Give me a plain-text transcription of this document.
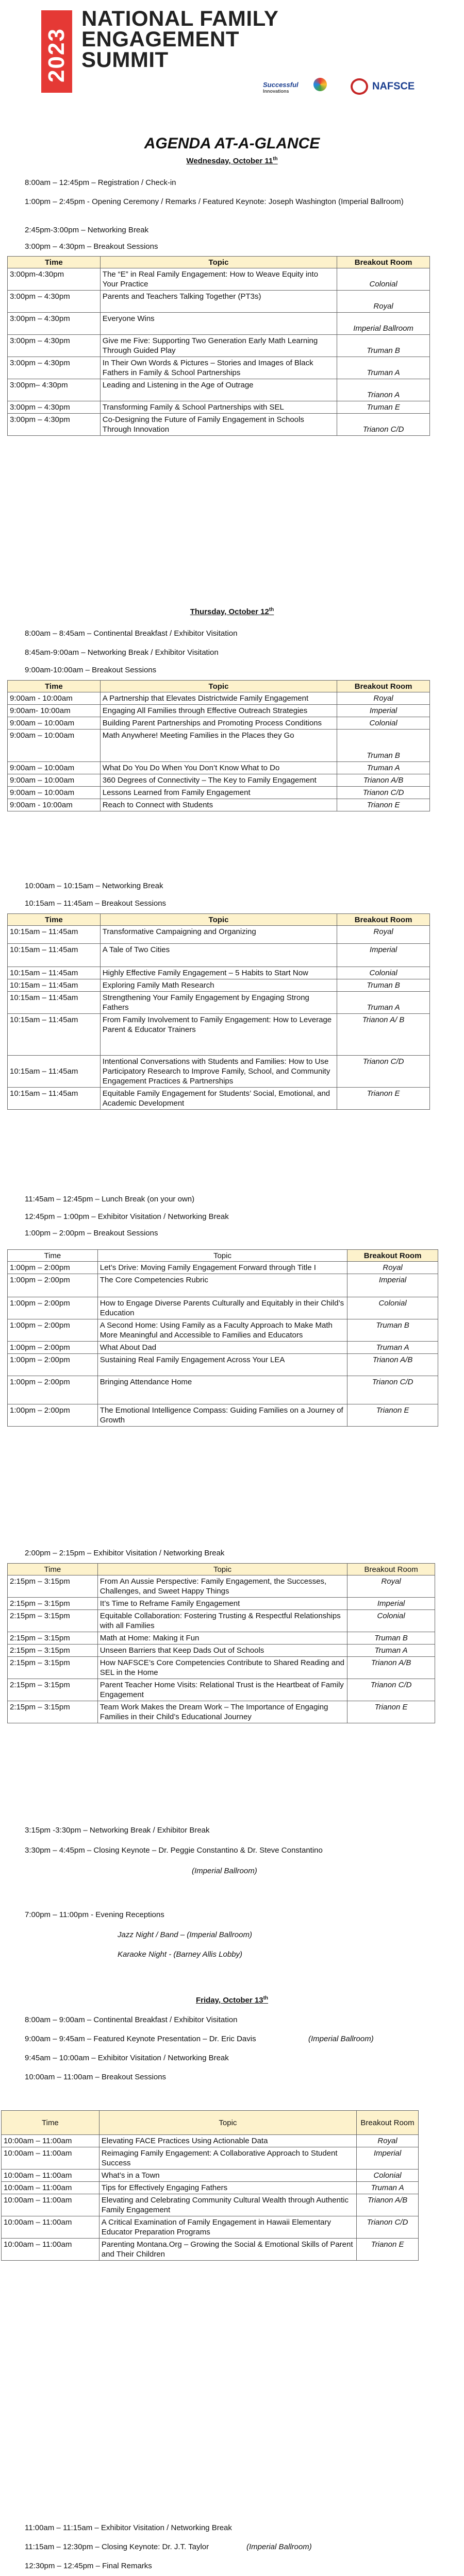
2023
NATIONAL FAMILY
ENGAGEMENT
SUMMIT
Successful
Innovations	NAFSCE
AGENDA AT-A-GLANCE
Wednesday, October 11th
8:00am – 12:45pm – Registration / Check-in
1:00pm – 2:45pm - Opening Ceremony / Remarks / Featured Keynote: Joseph Washington (Imperial Ballroom)
2:45pm-3:00pm – Networking Break
3:00pm – 4:30pm – Breakout Sessions
Time	Topic	Breakout Room
3:00pm-4:30pm	The “E” in Real Family Engagement: How to Weave Equity into Your Practice	Colonial
3:00pm – 4:30pm	Parents and Teachers Talking Together (PT3s)	Royal
3:00pm – 4:30pm	Everyone Wins	Imperial Ballroom
3:00pm – 4:30pm	Give me Five: Supporting Two Generation Early Math Learning Through Guided Play	Truman B
3:00pm – 4:30pm	In Their Own Words & Pictures – Stories and Images of Black Fathers in Family & School Partnerships	Truman A
3:00pm– 4:30pm	Leading and Listening in the Age of Outrage	Trianon A
3:00pm – 4:30pm	Transforming Family & School Partnerships with SEL	Truman E
3:00pm – 4:30pm	Co-Designing the Future of Family Engagement in Schools Through Innovation	Trianon C/D
Thursday, October 12th
8:00am – 8:45am – Continental Breakfast / Exhibitor Visitation
8:45am-9:00am – Networking Break / Exhibitor Visitation
9:00am-10:00am – Breakout Sessions
Time	Topic	Breakout Room
9:00am - 10:00am	A Partnership that Elevates Districtwide Family Engagement	Royal
9:00am- 10:00am	Engaging All Families through Effective Outreach Strategies	Imperial
9:00am – 10:00am	Building Parent Partnerships and Promoting Process Conditions	Colonial
9:00am – 10:00am	Math Anywhere! Meeting Families in the Places they Go	Truman B
9:00am – 10:00am	What Do You Do When You Don’t Know What to Do	Truman A
9:00am – 10:00am	360 Degrees of Connectivity – The Key to Family Engagement	Trianon A/B
9:00am – 10:00am	Lessons Learned from Family Engagement	Trianon C/D
9:00am - 10:00am	Reach to Connect with Students	Trianon E
10:00am – 10:15am – Networking Break
10:15am – 11:45am – Breakout Sessions
Time	Topic	Breakout Room
10:15am – 11:45am	Transformative Campaigning and Organizing	Royal
10:15am – 11:45am	A Tale of Two Cities	Imperial
10:15am – 11:45am	Highly Effective Family Engagement – 5 Habits to Start Now	Colonial
10:15am – 11:45am	Exploring Family Math Research	Truman B
10:15am – 11:45am	Strengthening Your Family Engagement by Engaging Strong Fathers	Truman A
10:15am – 11:45am	From Family Involvement to Family Engagement: How to Leverage Parent & Educator Trainers	Trianon A/ B
10:15am – 11:45am	Intentional Conversations with Students and Families: How to Use Participatory Research to Improve Family, School, and Community Engagement Practices & Partnerships	Trianon C/D
10:15am – 11:45am	Equitable Family Engagement for Students’ Social, Emotional, and Academic Development	Trianon E
11:45am – 12:45pm – Lunch Break (on your own)
12:45pm – 1:00pm – Exhibitor Visitation / Networking Break
1:00pm – 2:00pm – Breakout Sessions
Time	Topic	Breakout Room
1:00pm – 2:00pm	Let’s Drive: Moving Family Engagement Forward through Title I	Royal
1:00pm – 2:00pm	The Core Competencies Rubric	Imperial
1:00pm – 2:00pm	How to Engage Diverse Parents Culturally and Equitably in their Child’s Education	Colonial
1:00pm – 2:00pm	A Second Home: Using Family as a Faculty Approach to Make Math More Meaningful and Accessible to Families and Educators	Truman B
1:00pm – 2:00pm	What About Dad	Truman A
1:00pm – 2:00pm	Sustaining Real Family Engagement Across Your LEA	Trianon A/B
1:00pm – 2:00pm	Bringing Attendance Home	Trianon C/D
1:00pm – 2:00pm	The Emotional Intelligence Compass: Guiding Families on a Journey of Growth	Trianon E
2:00pm – 2:15pm – Exhibitor Visitation / Networking Break
Time	Topic	Breakout Room
2:15pm – 3:15pm	From An Aussie Perspective: Family Engagement, the Successes, Challenges, and Sweet Happy Things	Royal
2:15pm – 3:15pm	It’s Time to Reframe Family Engagement	Imperial
2:15pm – 3:15pm	Equitable Collaboration: Fostering Trusting & Respectful Relationships with all Families	Colonial
2:15pm – 3:15pm	Math at Home: Making it Fun	Truman B
2:15pm – 3:15pm	Unseen Barriers that Keep Dads Out of Schools	Truman A
2:15pm – 3:15pm	How NAFSCE’s Core Competencies Contribute to Shared Reading and SEL in the Home	Trianon A/B
2:15pm – 3:15pm	Parent Teacher Home Visits: Relational Trust is the Heartbeat of Family Engagement	Trianon C/D
2:15pm – 3:15pm	Team Work Makes the Dream Work – The Importance of Engaging Families in their Child’s Educational Journey	Trianon E
3:15pm -3:30pm – Networking Break / Exhibitor Break
3:30pm – 4:45pm – Closing Keynote – Dr. Peggie Constantino & Dr. Steve Constantino
(Imperial Ballroom)
7:00pm – 11:00pm - Evening Receptions
Jazz Night / Band – (Imperial Ballroom)
Karaoke Night - (Barney Allis Lobby)
Friday, October 13th
8:00am – 9:00am – Continental Breakfast / Exhibitor Visitation
9:00am – 9:45am – Featured Keynote Presentation – Dr. Eric Davis	(Imperial Ballroom)
9:45am – 10:00am – Exhibitor Visitation / Networking Break
10:00am – 11:00am – Breakout Sessions
Time	Topic	Breakout Room
10:00am – 11:00am	Elevating FACE Practices Using Actionable Data	Royal
10:00am – 11:00am	Reimaging Family Engagement: A Collaborative Approach to Student Success	Imperial
10:00am – 11:00am	What’s in a Town	Colonial
10:00am – 11:00am	Tips for Effectively Engaging Fathers	Truman A
10:00am – 11:00am	Elevating and Celebrating Community Cultural Wealth through Authentic Family Engagement	Trianon A/B
10:00am – 11:00am	A Critical Examination of Family Engagement in Hawaii Elementary Educator Preparation Programs	Trianon C/D
10:00am – 11:00am	Parenting Montana.Org – Growing the Social & Emotional Skills of Parent and Their Children	Trianon E
11:00am – 11:15am – Exhibitor Visitation / Networking Break
11:15am – 12:30pm – Closing Keynote: Dr. J.T. Taylor	(Imperial Ballroom)
12:30pm – 12:45pm – Final Remarks
